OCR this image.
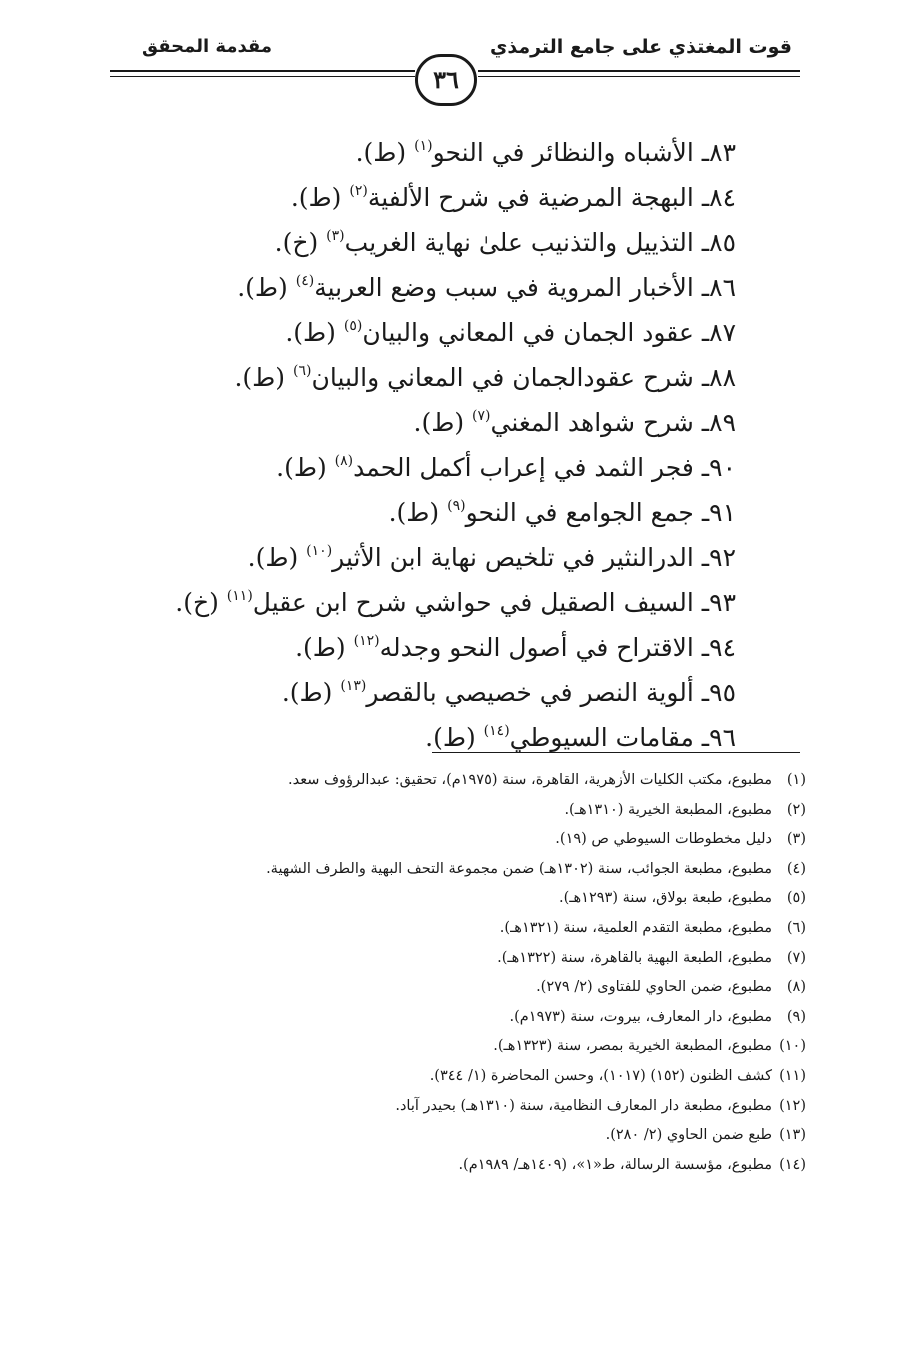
قوت المغتذي على جامع الترمذي
مقدمة المحقق
٣٦
٨٣ـ الأشباه والنظائر في النحو$^{(١)}$ (ط).
٨٤ـ البهجة المرضية في شرح الألفية$^{(٢)}$ (ط).
٨٥ـ التذييل والتذنيب علىٰ نهاية الغريب$^{(٣)}$ (خ).
٨٦ـ الأخبار المروية في سبب وضع العربية$^{(٤)}$ (ط).
٨٧ـ عقود الجمان في المعاني والبيان$^{(٥)}$ (ط).
٨٨ـ شرح عقودالجمان في المعاني والبيان$^{(٦)}$ (ط).
٨٩ـ شرح شواهد المغني$^{(٧)}$ (ط).
٩٠ـ فجر الثمد في إعراب أكمل الحمد$^{(٨)}$ (ط).
٩١ـ جمع الجوامع في النحو$^{(٩)}$ (ط).
٩٢ـ الدرالنثير في تلخيص نهاية ابن الأثير$^{(١٠)}$ (ط).
٩٣ـ السيف الصقيل في حواشي شرح ابن عقيل$^{(١١)}$ (خ).
٩٤ـ الاقتراح في أصول النحو وجدله$^{(١٢)}$ (ط).
٩٥ـ ألوية النصر في خصيصي بالقصر$^{(١٣)}$ (ط).
٩٦ـ مقامات السيوطي$^{(١٤)}$ (ط).
(١)مطبوع، مكتب الكليات الأزهرية، القاهرة، سنة (١٩٧٥م)، تحقيق: عبدالرؤوف سعد.
(٢)مطبوع، المطبعة الخيرية (١٣١٠هـ).
(٣)دليل مخطوطات السيوطي ص (١٩).
(٤)مطبوع، مطبعة الجوائب، سنة (١٣٠٢هـ) ضمن مجموعة التحف البهية والطرف الشهية.
(٥)مطبوع، طبعة بولاق، سنة (١٢٩٣هـ).
(٦)مطبوع، مطبعة التقدم العلمية، سنة (١٣٢١هـ).
(٧)مطبوع، الطبعة البهية بالقاهرة، سنة (١٣٢٢هـ).
(٨)مطبوع، ضمن الحاوي للفتاوى (٢/ ٢٧٩).
(٩)مطبوع، دار المعارف، بيروت، سنة (١٩٧٣م).
(١٠)مطبوع، المطبعة الخيرية بمصر، سنة (١٣٢٣هـ).
(١١)كشف الظنون (١٥٢) (١٠١٧)، وحسن المحاضرة (١/ ٣٤٤).
(١٢)مطبوع، مطبعة دار المعارف النظامية، سنة (١٣١٠هـ) بحيدر آباد.
(١٣)طبع ضمن الحاوي (٢/ ٢٨٠).
(١٤)مطبوع، مؤسسة الرسالة، ط«١»، (١٤٠٩هـ/ ١٩٨٩م).
